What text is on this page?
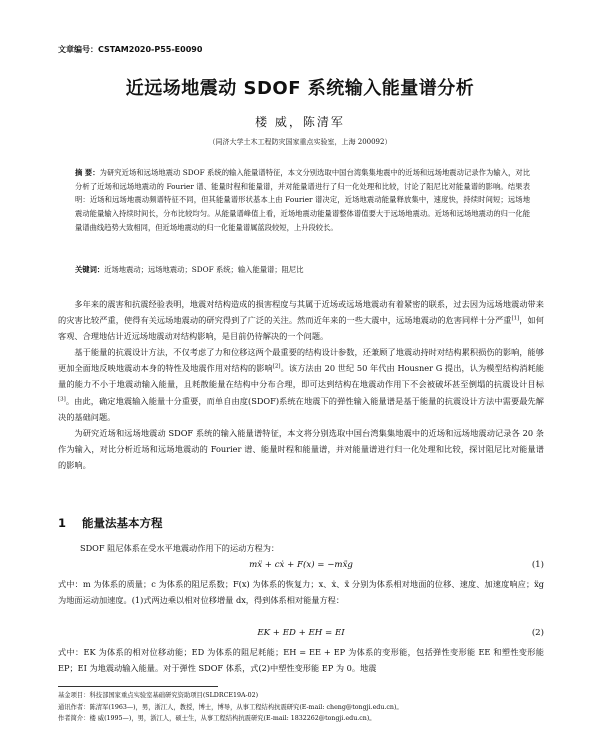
文章编号：CSTAM2020-P55-E0090
近远场地震动 SDOF 系统输入能量谱分析
楼 威，陈清军
（同济大学土木工程防灾国家重点实验室，上海 200092）
摘 要：为研究近场和远场地震动 SDOF 系统的输入能量谱特征，本文分别选取中国台湾集集地震中的近场和远场地震动记录作为输入，对比分析了近场和远场地震动的 Fourier 谱、能量时程和能量谱，并对能量谱进行了归一化处理和比较，讨论了阻尼比对能量谱的影响。结果表明：近场和远场地震动频谱特征不同，但其能量谱形状基本上由 Fourier 谱决定，近场地震动能量释放集中，速度快，持续时间短；远场地震动能量输入持续时间长，分布比较均匀。从能量谱峰值上看，近场地震动能量谱整体谱值要大于远场地震动。近场和远场地震动的归一化能量谱曲线趋势大致相同，但近场地震动的归一化能量谱属蓝段较短，上升段较长。
关键词：近场地震动；远场地震动；SDOF 系统；输入能量谱；阻尼比

多年来的震害和抗震经验表明，地震对结构造成的损害程度与其属于近场或远场地震动有着紧密的联系，过去因为远场地震动带来的灾害比较严重，使得有关远场地震动的研究得到了广泛的关注。然而近年来的一些大震中，远场地震动的危害同样十分严重[1]，如何客观、合理地估计近远场地震动对结构影响，是目前仍待解决的一个问题。

基于能量的抗震设计方法，不仅考虑了力和位移这两个最重要的结构设计参数，还兼顾了地震动持时对结构累积损伤的影响，能够更加全面地反映地震动本身的特性及地震作用对结构的影响[2]。该方法由 20 世纪 50 年代由 Housner G 提出，认为模型结构消耗能量的能力不小于地震动输入能量，且耗散能量在结构中分布合理，即可达到结构在地震动作用下不会被破坏甚至倒塌的抗震设计目标[3]。由此，确定地震输入能量十分重要，而单自由度(SDOF)系统在地震下的弹性输入能量谱是基于能量的抗震设计方法中需要最先解决的基础问题。

为研究近场和远场地震动 SDOF 系统的输入能量谱特征，本文将分别选取中国台湾集集地震中的近场和远场地震动记录各 20 条作为输入，对比分析近场和远场地震动的 Fourier 谱、能量时程和能量谱，并对能量谱进行归一化处理和比较，探讨阻尼比对能量谱的影响。

1 能量法基本方程
SDOF 阻尼体系在受水平地震动作用下的运动方程为：
mẍ + cẋ + F(x) = −mẍg	(1)
式中：m 为体系的质量；c 为体系的阻尼系数；F(x) 为体系的恢复力；x、ẋ、ẍ 分别为体系相对地面的位移、速度、加速度响应；ẍg 为地面运动加速度。(1)式两边乘以相对位移增量 dx，得到体系相对能量方程：
EK + ED + EH = EI	(2)
式中：EK 为体系的相对位移动能；ED 为体系的阻尼耗能；EH = EE + EP 为体系的变形能，包括弹性变形能 EE 和塑性变形能 EP；EI 为地震动输入能量。对于弹性 SDOF 体系，式(2)中塑性变形能 EP 为 0。地震
基金项目：科技部国家重点实验室基础研究资助项目(SLDRCE19A-02)
通讯作者：陈清军(1963—)，男，浙江人，教授，博士，博导，从事工程结构抗震研究(E-mail: cheng@tongji.edu.cn)。
作者简介：楼 威(1995—)，男，浙江人，硕士生，从事工程结构抗震研究(E-mail: 1832262@tongji.edu.cn)。
